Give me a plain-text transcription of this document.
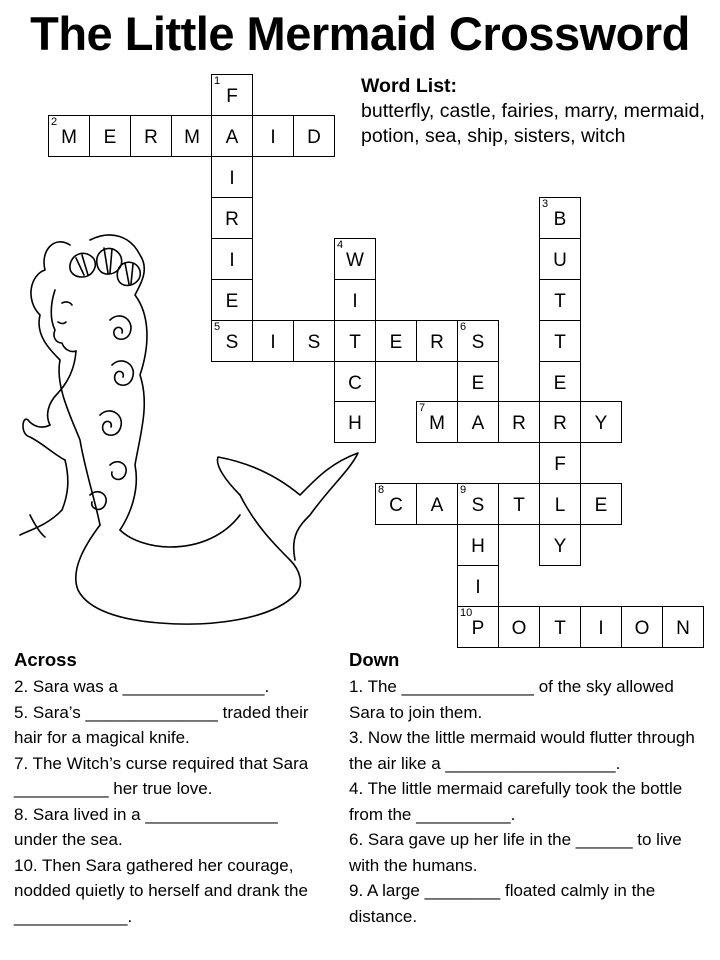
The Little Mermaid Crossword
Word List:
butterfly, castle, fairies, marry, mermaid, potion, sea, ship, sisters, witch
1
F
2
M E R M A I D
I
R
I
E
5
S I S T E R
6
S
4
W
I
C
H
E
A
3
B
U
T
T
E
R
F
L
Y
7
M	R	Y
8
C A
9
S T	E
H
I
10
P O T I O N
Across

2. Sara was a _______________.

5. Sara’s ______________ traded their hair for a magical knife.

7. The Witch’s curse required that Sara __________ her true love.

8. Sara lived in a ______________ under the sea.

10. Then Sara gathered her courage, nodded quietly to herself and drank the ____________.

Down

1. The ______________ of the sky allowed Sara to join them.

3. Now the little mermaid would flutter through the air like a __________________.

4. The little mermaid carefully took the bottle from the __________.

6. Sara gave up her life in the ______ to live with the humans.

9. A large ________ floated calmly in the distance.
